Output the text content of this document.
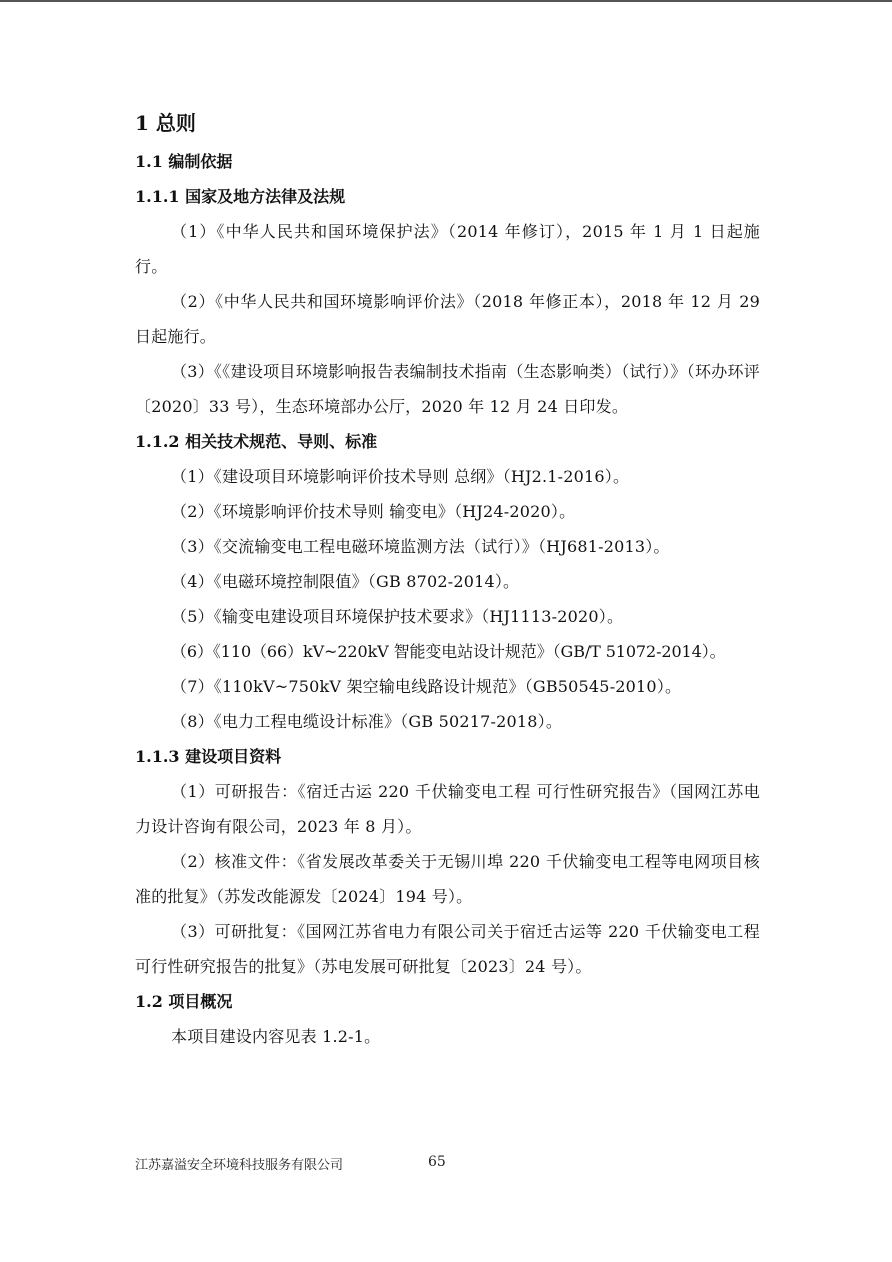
1 总则
1.1 编制依据
1.1.1 国家及地方法律及法规
（1）《中华人民共和国环境保护法》（2014 年修订），2015 年 1 月 1 日起施行。
（2）《中华人民共和国环境影响评价法》（2018 年修正本），2018 年 12 月 29 日起施行。
（3）《《建设项目环境影响报告表编制技术指南（生态影响类）（试行）》（环办环评〔2020〕33 号），生态环境部办公厅，2020 年 12 月 24 日印发。
1.1.2 相关技术规范、导则、标准
（1）《建设项目环境影响评价技术导则 总纲》（HJ2.1-2016）。
（2）《环境影响评价技术导则 输变电》（HJ24-2020）。
（3）《交流输变电工程电磁环境监测方法（试行）》（HJ681-2013）。
（4）《电磁环境控制限值》（GB 8702-2014）。
（5）《输变电建设项目环境保护技术要求》（HJ1113-2020）。
（6）《110（66）kV~220kV 智能变电站设计规范》（GB/T 51072-2014）。
（7）《110kV~750kV 架空输电线路设计规范》（GB50545-2010）。
（8）《电力工程电缆设计标准》（GB 50217-2018）。
1.1.3 建设项目资料
（1）可研报告：《宿迁古运 220 千伏输变电工程 可行性研究报告》（国网江苏电力设计咨询有限公司，2023 年 8 月）。
（2）核准文件：《省发展改革委关于无锡川埠 220 千伏输变电工程等电网项目核准的批复》（苏发改能源发〔2024〕194 号）。
（3）可研批复：《国网江苏省电力有限公司关于宿迁古运等 220 千伏输变电工程可行性研究报告的批复》（苏电发展可研批复〔2023〕24 号）。
1.2 项目概况
本项目建设内容见表 1.2-1。
江苏嘉溢安全环境科技服务有限公司	65
